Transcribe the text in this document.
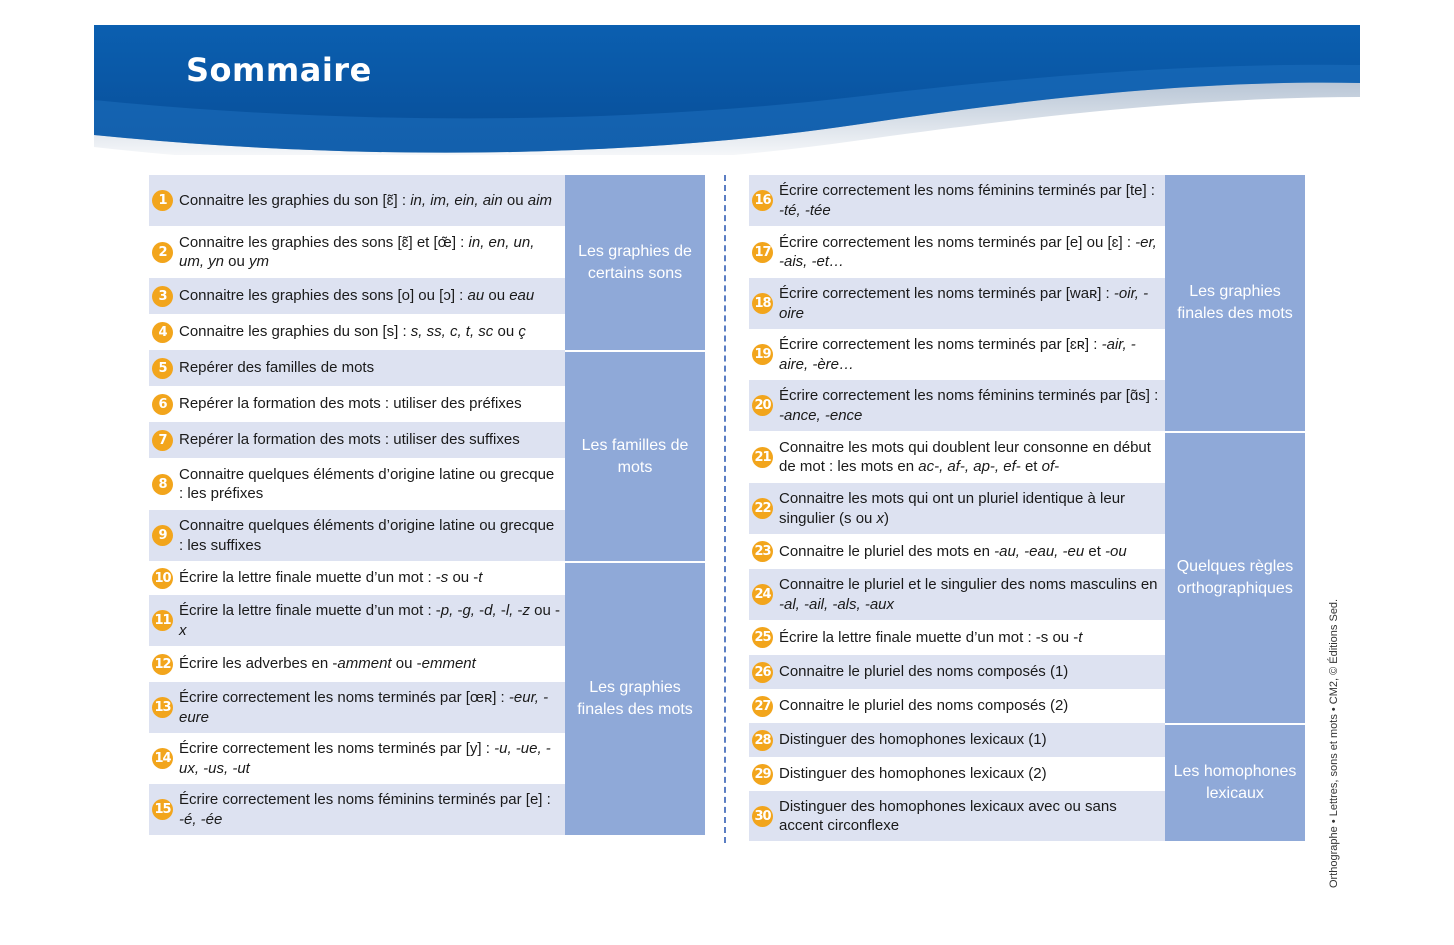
Sommaire
1 Connaitre les graphies du son [ɛ̃] : in, im, ein, ain ou aim
2
Connaitre les graphies des sons [ɛ̃] et [œ̃] : in, en, un, um, yn ou ym
3 Connaitre les graphies des sons [o] ou [ɔ] : au ou eau
4 Connaitre les graphies du son [s] : s, ss, c, t, sc ou ç
5 Repérer des familles de mots
6 Repérer la formation des mots : utiliser des préfixes
7 Repérer la formation des mots : utiliser des suffixes
8
Connaitre quelques éléments d’origine latine ou grecque : les préfixes
9
Connaitre quelques éléments d’origine latine ou grecque : les suffixes
10 Écrire la lettre finale muette d’un mot : -s ou -t
11
Écrire la lettre finale muette d’un mot : -p, -g, -d, -l, -z ou -x
12 Écrire les adverbes en -amment ou -emment
13
Écrire correctement les noms terminés par [œʀ] : -eur, -eure
14
Écrire correctement les noms terminés par [y] : -u, -ue, -ux, -us, -ut
15
Écrire correctement les noms féminins terminés par [e] : -é, -ée
Les graphies de certains sons
Les familles de mots
Les graphies finales des mots
16
Écrire correctement les noms féminins terminés par [te] : -té, -tée
17
Écrire correctement les noms terminés par [e] ou [ɛ] : -er, -ais, -et…
18
Écrire correctement les noms terminés par [waʀ] : -oir, -oire
19
Écrire correctement les noms terminés par [ɛʀ] : -air, -aire, -ère…
20
Écrire correctement les noms féminins terminés par [ɑ̃s] : -ance, -ence
21
Connaitre les mots qui doublent leur consonne en début de mot : les mots en ac-, af-, ap-, ef- et of-
22
Connaitre les mots qui ont un pluriel identique à leur singulier (s ou x)
23 Connaitre le pluriel des mots en -au, -eau, -eu et -ou
24
Connaitre le pluriel et le singulier des noms masculins en -al, -ail, -als, -aux
25 Écrire la lettre finale muette d’un mot : -s ou -t
26 Connaitre le pluriel des noms composés (1)
27 Connaitre le pluriel des noms composés (2)
28 Distinguer des homophones lexicaux (1)
29 Distinguer des homophones lexicaux (2)
30
Distinguer des homophones lexicaux avec ou sans accent circonflexe
Les graphies finales des mots
Quelques règles orthographiques
Les homophones lexicaux	Orthographe • Lettres, sons et mots • CM2, © Éditions Sed.
